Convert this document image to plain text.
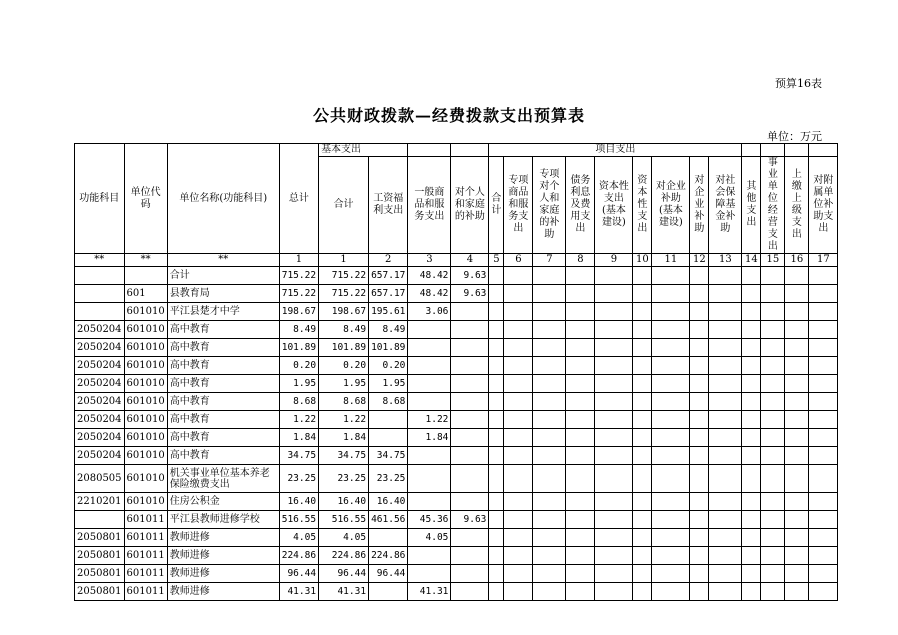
预算16表
公共财政拨款—经费拨款支出预算表
单位：万元
功能科目	单位代码	单位名称(功能科目)	总计	基本支出				项目支出												
				合计	工资福利支出	一般商品和服务支出	对个人和家庭的补助	合计	专项商品和服务支出	专项对个人和家庭的补助	债务利息及费用支出	资本性支出(基本建设)	资本性支出	对企业补助(基本建设)	对企业补助	对社会保障基金补助	其他支出	事业单位经营支出	上缴上级支出	对附属单位补助支出
**	**	**	1	1	2	3	4	5	6	7	8	9	10	11	12	13	14	15	16	17
		合计	715.22	715.22	657.17	48.42	9.63													
	601	县教育局	715.22	715.22	657.17	48.42	9.63													
	601010	平江县楚才中学	198.67	198.67	195.61	3.06														
2050204	601010	高中教育	8.49	8.49	8.49															
2050204	601010	高中教育	101.89	101.89	101.89															
2050204	601010	高中教育	0.20	0.20	0.20															
2050204	601010	高中教育	1.95	1.95	1.95															
2050204	601010	高中教育	8.68	8.68	8.68															
2050204	601010	高中教育	1.22	1.22		1.22														
2050204	601010	高中教育	1.84	1.84		1.84														
2050204	601010	高中教育	34.75	34.75	34.75															
2080505	601010	机关事业单位基本养老保险缴费支出	23.25	23.25	23.25															
2210201	601010	住房公积金	16.40	16.40	16.40															
	601011	平江县教师进修学校	516.55	516.55	461.56	45.36	9.63													
2050801	601011	教师进修	4.05	4.05		4.05														
2050801	601011	教师进修	224.86	224.86	224.86															
2050801	601011	教师进修	96.44	96.44	96.44															
2050801	601011	教师进修	41.31	41.31		41.31														
